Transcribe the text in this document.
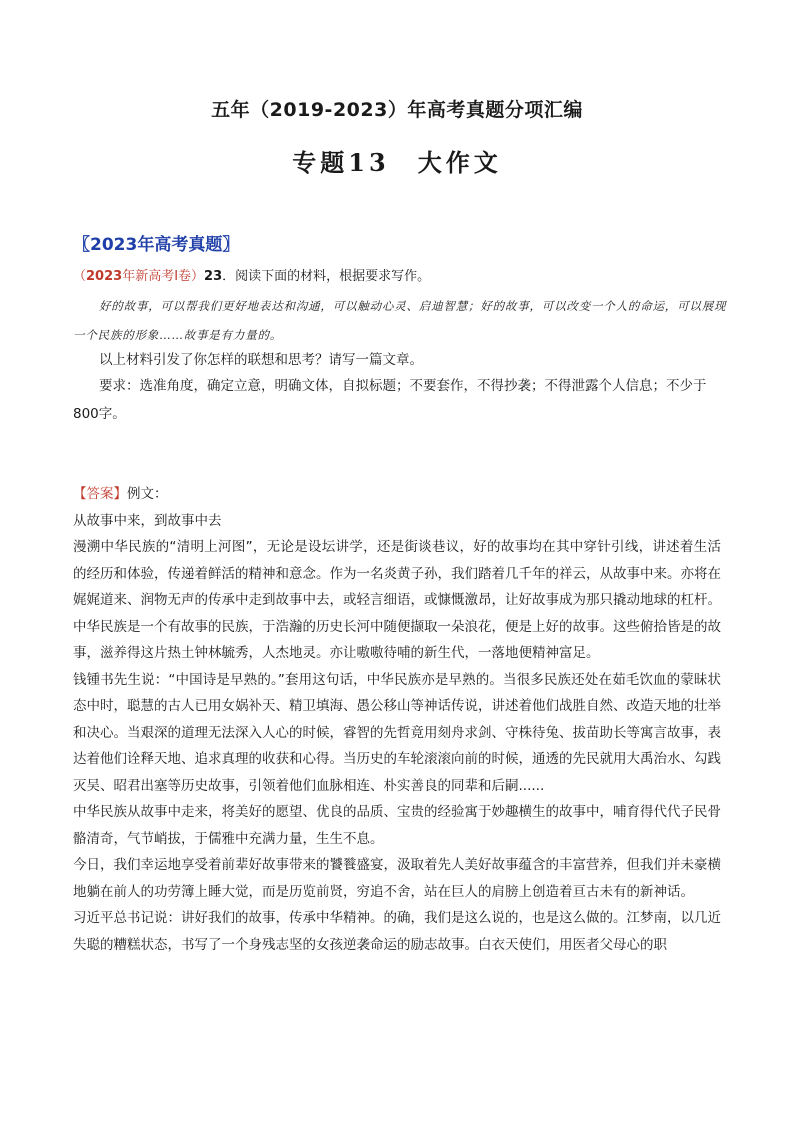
五年（2019-2023）年高考真题分项汇编
专题13　大作文
〖2023年高考真题〗
（2023年新高考Ⅰ卷）23．阅读下面的材料，根据要求写作。
好的故事，可以帮我们更好地表达和沟通，可以触动心灵、启迪智慧；好的故事，可以改变一个人的命运，可以展现一个民族的形象……故事是有力量的。
以上材料引发了你怎样的联想和思考？请写一篇文章。
要求：选准角度，确定立意，明确文体，自拟标题；不要套作，不得抄袭；不得泄露个人信息；不少于800字。

【答案】例文：

从故事中来，到故事中去

漫溯中华民族的“清明上河图”，无论是设坛讲学，还是街谈巷议，好的故事均在其中穿针引线，讲述着生活的经历和体验，传递着鲜活的精神和意念。作为一名炎黄子孙，我们踏着几千年的祥云，从故事中来。亦将在娓娓道来、润物无声的传承中走到故事中去，或轻言细语，或慷慨激昂，让好故事成为那只撬动地球的杠杆。

中华民族是一个有故事的民族，于浩瀚的历史长河中随便撷取一朵浪花，便是上好的故事。这些俯拾皆是的故事，滋养得这片热土钟林毓秀，人杰地灵。亦让嗷嗷待哺的新生代，一落地便精神富足。

钱锺书先生说：“中国诗是早熟的。”套用这句话，中华民族亦是早熟的。当很多民族还处在茹毛饮血的蒙昧状态中时，聪慧的古人已用女娲补天、精卫填海、愚公移山等神话传说，讲述着他们战胜自然、改造天地的壮举和决心。当艰深的道理无法深入人心的时候，睿智的先哲竟用刻舟求剑、守株待兔、拔苗助长等寓言故事，表达着他们诠释天地、追求真理的收获和心得。当历史的车轮滚滚向前的时候，通透的先民就用大禹治水、勾践灭吴、昭君出塞等历史故事，引领着他们血脉相连、朴实善良的同辈和后嗣......

中华民族从故事中走来，将美好的愿望、优良的品质、宝贵的经验寓于妙趣横生的故事中，哺育得代代子民骨骼清奇，气节峭拔，于儒雅中充满力量，生生不息。

今日，我们幸运地享受着前辈好故事带来的饕餮盛宴，汲取着先人美好故事蕴含的丰富营养，但我们并未豪横地躺在前人的功劳簿上睡大觉，而是历览前贤，穷追不舍，站在巨人的肩膀上创造着亘古未有的新神话。

习近平总书记说：讲好我们的故事，传承中华精神。的确，我们是这么说的，也是这么做的。江梦南，以几近失聪的糟糕状态，书写了一个身残志坚的女孩逆袭命运的励志故事。白衣天使们，用医者父母心的职
